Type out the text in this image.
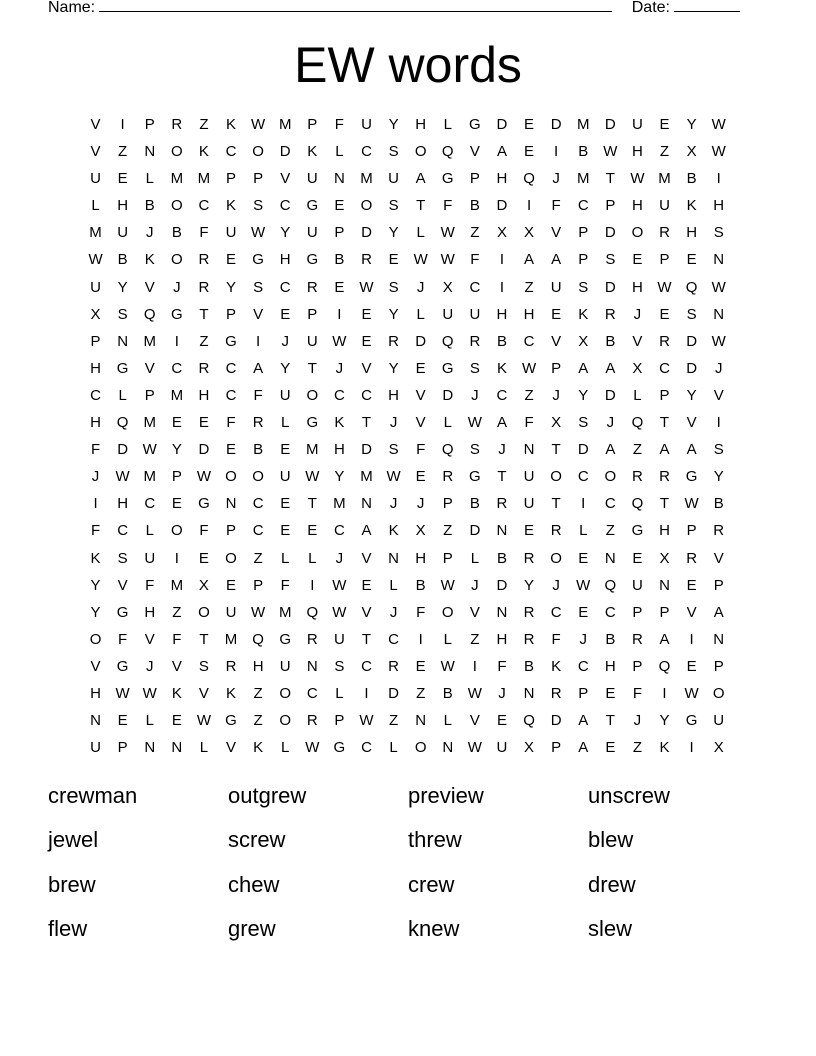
Name:	Date:
EW words
V	I	P	R	Z	K	W M	P	F	U	Y	H	L	G	D	E	D	M	D	U	E	Y	W
V	Z	N	O	K	C	O	D	K	L	C	S	O	Q	V	A	E	I	B	W H	Z	X	W
U	E	L	M M	P	P	V	U	N	M	U	A	G	P	H	Q	J	M	T	W M	B	I
L	H	B	O	C	K	S	C	G	E	O	S	T	F	B	D	I	F	C	P	H	U	K	H
M	U	J	B	F	U W	Y	U	P	D	Y	L	W	Z	X	X	V	P	D	O	R	H	S
W	B	K	O	R	E	G	H	G	B	R	E	W W	F	I	A	A	P	S	E	P	E	N
U	Y	V	J	R	Y	S	C	R	E	W	S	J	X	C	I	Z	U	S	D	H W Q W
X	S	Q	G	T	P	V	E	P	I	E	Y	L	U	U	H	H	E	K	R	J	E	S	N
P	N	M	I	Z	G	I	J	U W	E	R	D	Q	R	B	C	V	X	B	V	R	D W
H	G	V	C	R	C	A	Y	T	J	V	Y	E	G	S	K	W	P	A	A	X	C	D	J
C	L	P	M	H	C	F	U	O	C	C	H	V	D	J	C	Z	J	Y	D	L	P	Y	V
H	Q	M	E	E	F	R	L	G	K	T	J	V	L	W	A	F	X	S	J	Q	T	V	I
F	D W	Y	D	E	B	E	M	H	D	S	F	Q	S	J	N	T	D	A	Z	A	A	S
J	W M	P	W O	O	U W	Y	M W	E	R	G	T	U	O	C	O	R	R	G	Y
I	H	C	E	G	N	C	E	T	M	N	J	J	P	B	R	U	T	I	C	Q	T	W	B
F	C	L	O	F	P	C	E	E	C	A	K	X	Z	D	N	E	R	L	Z	G	H	P	R
K	S	U	I	E	O	Z	L	L	J	V	N	H	P	L	B	R	O	E	N	E	X	R	V
Y	V	F	M	X	E	P	F	I	W	E	L	B	W	J	D	Y	J	W Q	U	N	E	P
Y	G	H	Z	O	U W M	Q W	V	J	F	O	V	N	R	C	E	C	P	P	V	A
O	F	V	F	T	M	Q	G	R	U	T	C	I	L	Z	H	R	F	J	B	R	A	I	N
V	G	J	V	S	R	H	U	N	S	C	R	E	W	I	F	B	K	C	H	P	Q	E	P
H W W	K	V	K	Z	O	C	L	I	D	Z	B	W	J	N	R	P	E	F	I	W O
N	E	L	E	W G	Z	O	R	P	W	Z	N	L	V	E	Q	D	A	T	J	Y	G	U
U	P	N	N	L	V	K	L	W G	C	L	O	N W U	X	P	A	E	Z	K	I	X
crewman	outgrew	preview	unscrew
jewel	screw	threw	blew
brew	chew	crew	drew
flew	grew	knew	slew
